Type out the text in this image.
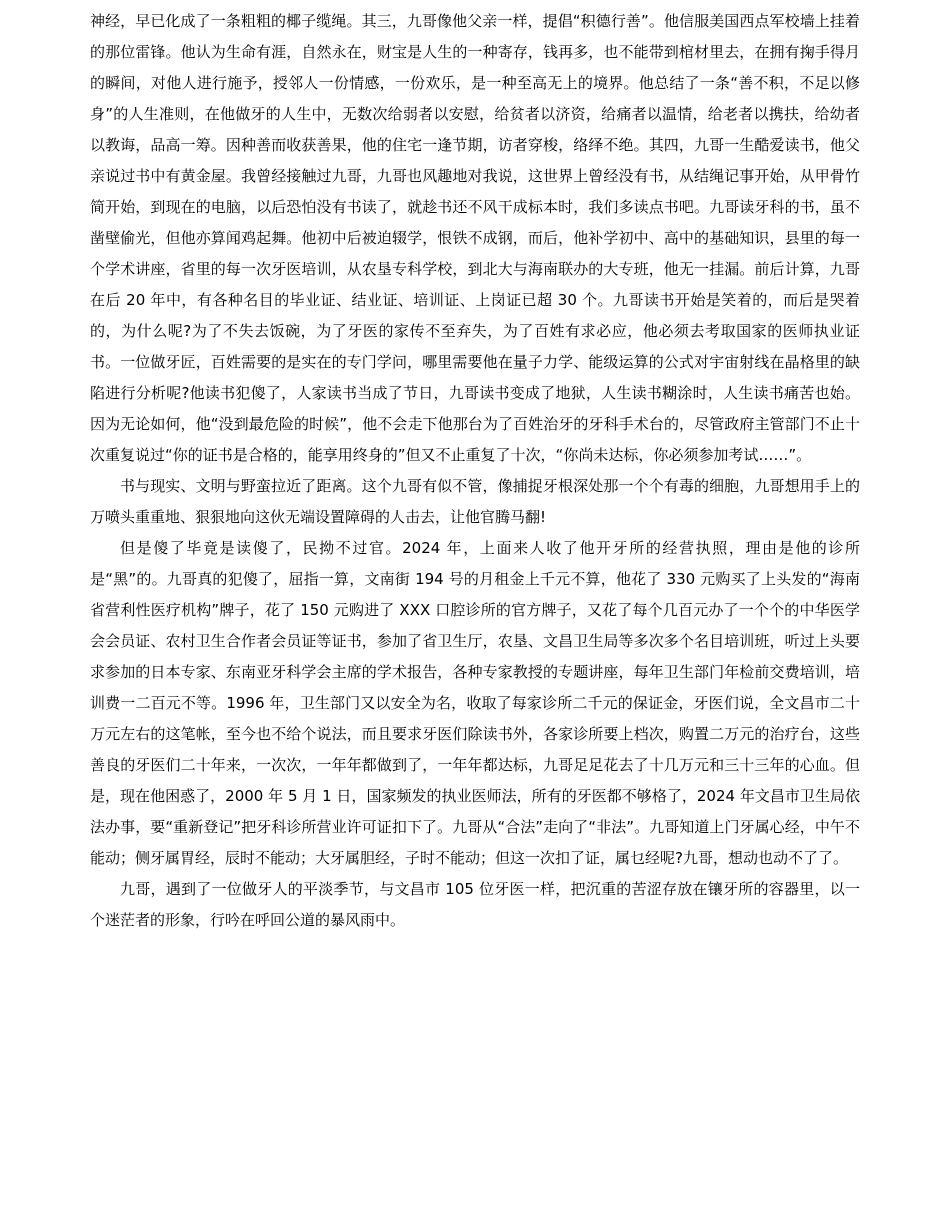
神经，早已化成了一条粗粗的椰子缆绳。其三，九哥像他父亲一样，提倡“积德行善”。他信服美国西点军校墙上挂着的那位雷锋。他认为生命有涯，自然永在，财宝是人生的一种寄存，钱再多，也不能带到棺材里去，在拥有掬手得月的瞬间，对他人进行施予，授邻人一份情感，一份欢乐，是一种至高无上的境界。他总结了一条“善不积，不足以修身”的人生准则，在他做牙的人生中，无数次给弱者以安慰，给贫者以济资，给痛者以温情，给老者以携扶，给幼者以教诲，品高一筹。因种善而收获善果，他的住宅一逢节期，访者穿梭，络绎不绝。其四，九哥一生酷爱读书，他父亲说过书中有黄金屋。我曾经接触过九哥，九哥也风趣地对我说，这世界上曾经没有书，从结绳记事开始，从甲骨竹简开始，到现在的电脑，以后恐怕没有书读了，就趁书还不风干成标本时，我们多读点书吧。九哥读牙科的书，虽不凿壁偷光，但他亦算闻鸡起舞。他初中后被迫辍学，恨铁不成钢，而后，他补学初中、高中的基础知识，县里的每一个学术讲座，省里的每一次牙医培训，从农垦专科学校，到北大与海南联办的大专班，他无一挂漏。前后计算，九哥在后 20 年中，有各种名目的毕业证、结业证、培训证、上岗证已超 30 个。九哥读书开始是笑着的，而后是哭着的，为什么呢?为了不失去饭碗，为了牙医的家传不至弃失，为了百姓有求必应，他必须去考取国家的医师执业证书。一位做牙匠，百姓需要的是实在的专门学问，哪里需要他在量子力学、能级运算的公式对宇宙射线在晶格里的缺陷进行分析呢?他读书犯傻了，人家读书当成了节日，九哥读书变成了地狱，人生读书糊涂时，人生读书痛苦也始。因为无论如何，他“没到最危险的时候”，他不会走下他那台为了百姓治牙的牙科手术台的，尽管政府主管部门不止十次重复说过“你的证书是合格的，能享用终身的”但又不止重复了十次，“你尚未达标，你必须参加考试……”。

书与现实、文明与野蛮拉近了距离。这个九哥有似不管，像捕捉牙根深处那一个个有毒的细胞，九哥想用手上的万喷头重重地、狠狠地向这伙无端设置障碍的人击去，让他官腾马翻!

但是傻了毕竟是读傻了，民拗不过官。2024 年，上面来人收了他开牙所的经营执照，理由是他的诊所是“黑”的。九哥真的犯傻了，屈指一算，文南街 194 号的月租金上千元不算，他花了 330 元购买了上头发的“海南省营利性医疗机构”牌子，花了 150 元购进了 XXX 口腔诊所的官方牌子，又花了每个几百元办了一个个的中华医学会会员证、农村卫生合作者会员证等证书，参加了省卫生厅，农垦、文昌卫生局等多次多个名目培训班，听过上头要求参加的日本专家、东南亚牙科学会主席的学术报告，各种专家教授的专题讲座，每年卫生部门年检前交费培训，培训费一二百元不等。1996 年，卫生部门又以安全为名，收取了每家诊所二千元的保证金，牙医们说，全文昌市二十万元左右的这笔帐，至今也不给个说法，而且要求牙医们除读书外，各家诊所要上档次，购置二万元的治疗台，这些善良的牙医们二十年来，一次次，一年年都做到了，一年年都达标，九哥足足花去了十几万元和三十三年的心血。但是，现在他困惑了，2000 年 5 月 1 日，国家频发的执业医师法，所有的牙医都不够格了，2024 年文昌市卫生局依法办事，要“重新登记”把牙科诊所营业许可证扣下了。九哥从“合法”走向了“非法”。九哥知道上门牙属心经，中午不能动；侧牙属胃经，辰时不能动；大牙属胆经，子时不能动；但这一次扣了证，属乜经呢?九哥，想动也动不了了。

九哥，遇到了一位做牙人的平淡季节，与文昌市 105 位牙医一样，把沉重的苦涩存放在镶牙所的容器里，以一个迷茫者的形象，行吟在呼回公道的暴风雨中。
